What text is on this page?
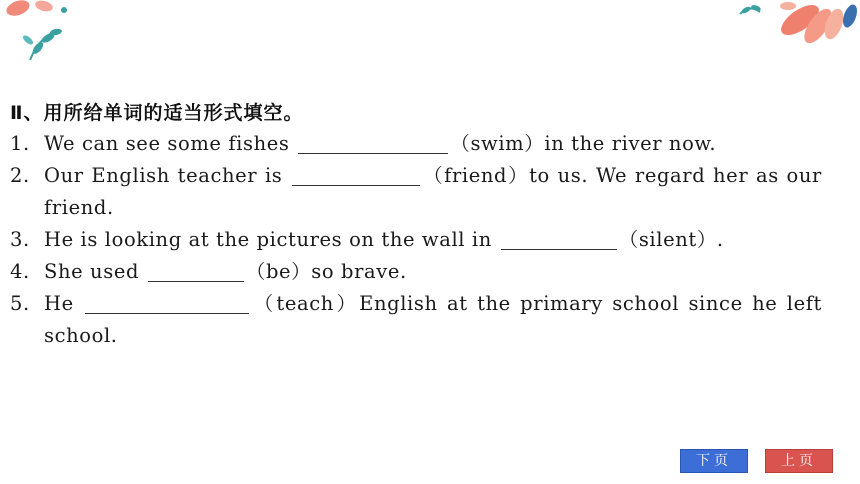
Ⅱ、用所给单词的适当形式填空。
1. We can see some fishes	（swim）in the river now.
2. Our English teacher is	（friend）to us. We regard her as our
friend.
3. He is looking at the pictures on the wall in	（silent）.
4. She used	（be）so brave.
5. He	（teach）English at the primary school since he left
school.
下页	上页
